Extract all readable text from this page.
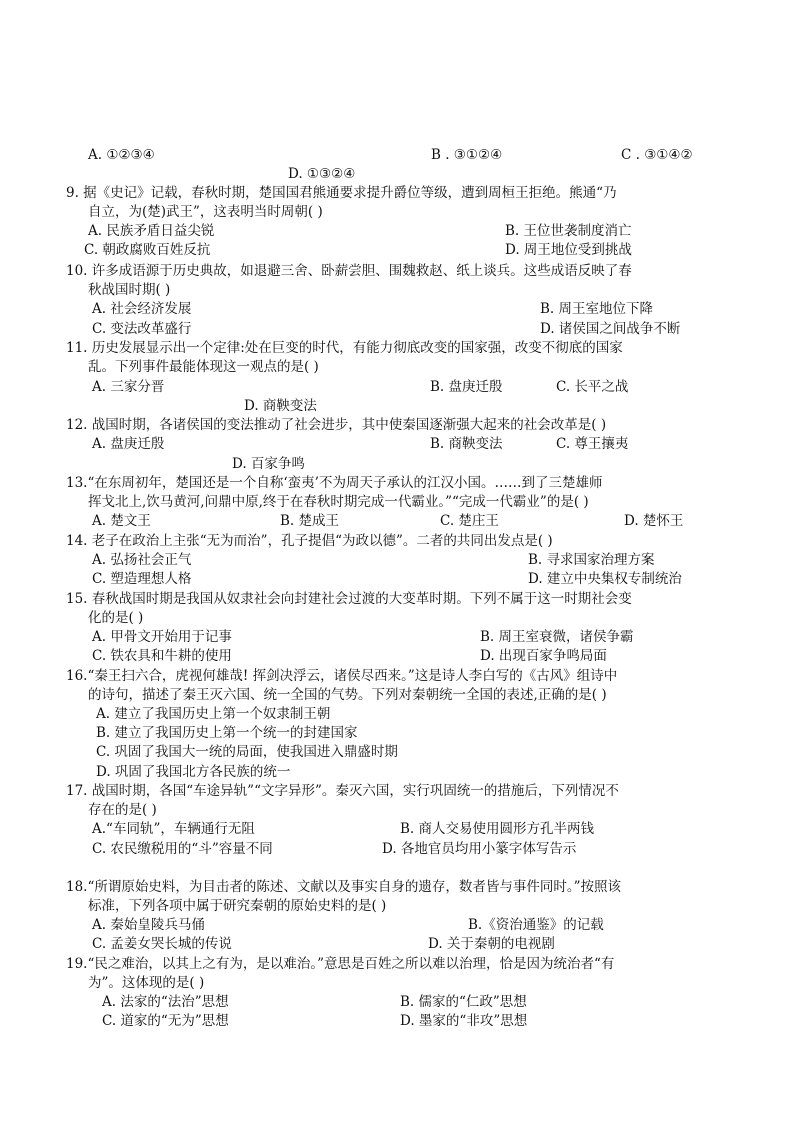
A. ①②③④	B . ③①②④	C . ③①④②
D. ①③②④
9. 据《史记》记载，春秋时期，楚国国君熊通要求提升爵位等级，遭到周桓王拒绝。熊通“乃
自立，为(楚)武王”，这表明当时周朝( )
A. 民族矛盾日益尖锐	B. 王位世袭制度消亡
C. 朝政腐败百姓反抗	D. 周王地位受到挑战
10. 许多成语源于历史典故，如退避三舍、卧薪尝胆、围魏救赵、纸上谈兵。这些成语反映了春
秋战国时期( )
A. 社会经济发展	B. 周王室地位下降
C. 变法改革盛行	D. 诸侯国之间战争不断
11. 历史发展显示出一个定律:处在巨变的时代，有能力彻底改变的国家强，改变不彻底的国家
乱。下列事件最能体现这一观点的是( )
A. 三家分晋	B. 盘庚迁殷	C. 长平之战
D. 商鞅变法
12. 战国时期，各诸侯国的变法推动了社会进步，其中使秦国逐渐强大起来的社会改革是( )
A. 盘庚迁殷	B. 商鞅变法	C. 尊王攘夷
D. 百家争鸣
13.“在东周初年，楚国还是一个自称‘蛮夷’不为周天子承认的江汉小国。……到了三楚雄师
挥戈北上,饮马黄河,问鼎中原,终于在春秋时期完成一代霸业。”“完成一代霸业”的是( )
A. 楚文王	B. 楚成王	C. 楚庄王	D. 楚怀王
14. 老子在政治上主张“无为而治”，孔子提倡“为政以德”。二者的共同出发点是( )
A. 弘扬社会正气	B. 寻求国家治理方案
C. 塑造理想人格	D. 建立中央集权专制统治
15. 春秋战国时期是我国从奴隶社会向封建社会过渡的大变革时期。下列不属于这一时期社会变
化的是( )
A. 甲骨文开始用于记事	B. 周王室衰微，诸侯争霸
C. 铁农具和牛耕的使用	D. 出现百家争鸣局面
16.“秦王扫六合，虎视何雄哉! 挥剑决浮云，诸侯尽西来。”这是诗人李白写的《古风》组诗中
的诗句，描述了秦王灭六国、统一全国的气势。下列对秦朝统一全国的表述,正确的是( )
A. 建立了我国历史上第一个奴隶制王朝
B. 建立了我国历史上第一个统一的封建国家
C. 巩固了我国大一统的局面，使我国进入鼎盛时期
D. 巩固了我国北方各民族的统一
17. 战国时期，各国“车途异轨”“文字异形”。秦灭六国，实行巩固统一的措施后，下列情况不
存在的是( )
A.“车同轨”，车辆通行无阻	B. 商人交易使用圆形方孔半两钱
C. 农民缴税用的“斗”容量不同	D. 各地官员均用小篆字体写告示
18.“所谓原始史料，为目击者的陈述、文献以及事实自身的遗存，数者皆与事件同时。”按照该
标准，下列各项中属于研究秦朝的原始史料的是( )
A. 秦始皇陵兵马俑	B.《资治通鉴》的记载
C. 孟姜女哭长城的传说	D. 关于秦朝的电视剧
19.“民之难治，以其上之有为，是以难治。”意思是百姓之所以难以治理，恰是因为统治者“有
为”。这体现的是( )
A. 法家的“法治”思想	B. 儒家的“仁政”思想
C. 道家的“无为”思想	D. 墨家的“非攻”思想
